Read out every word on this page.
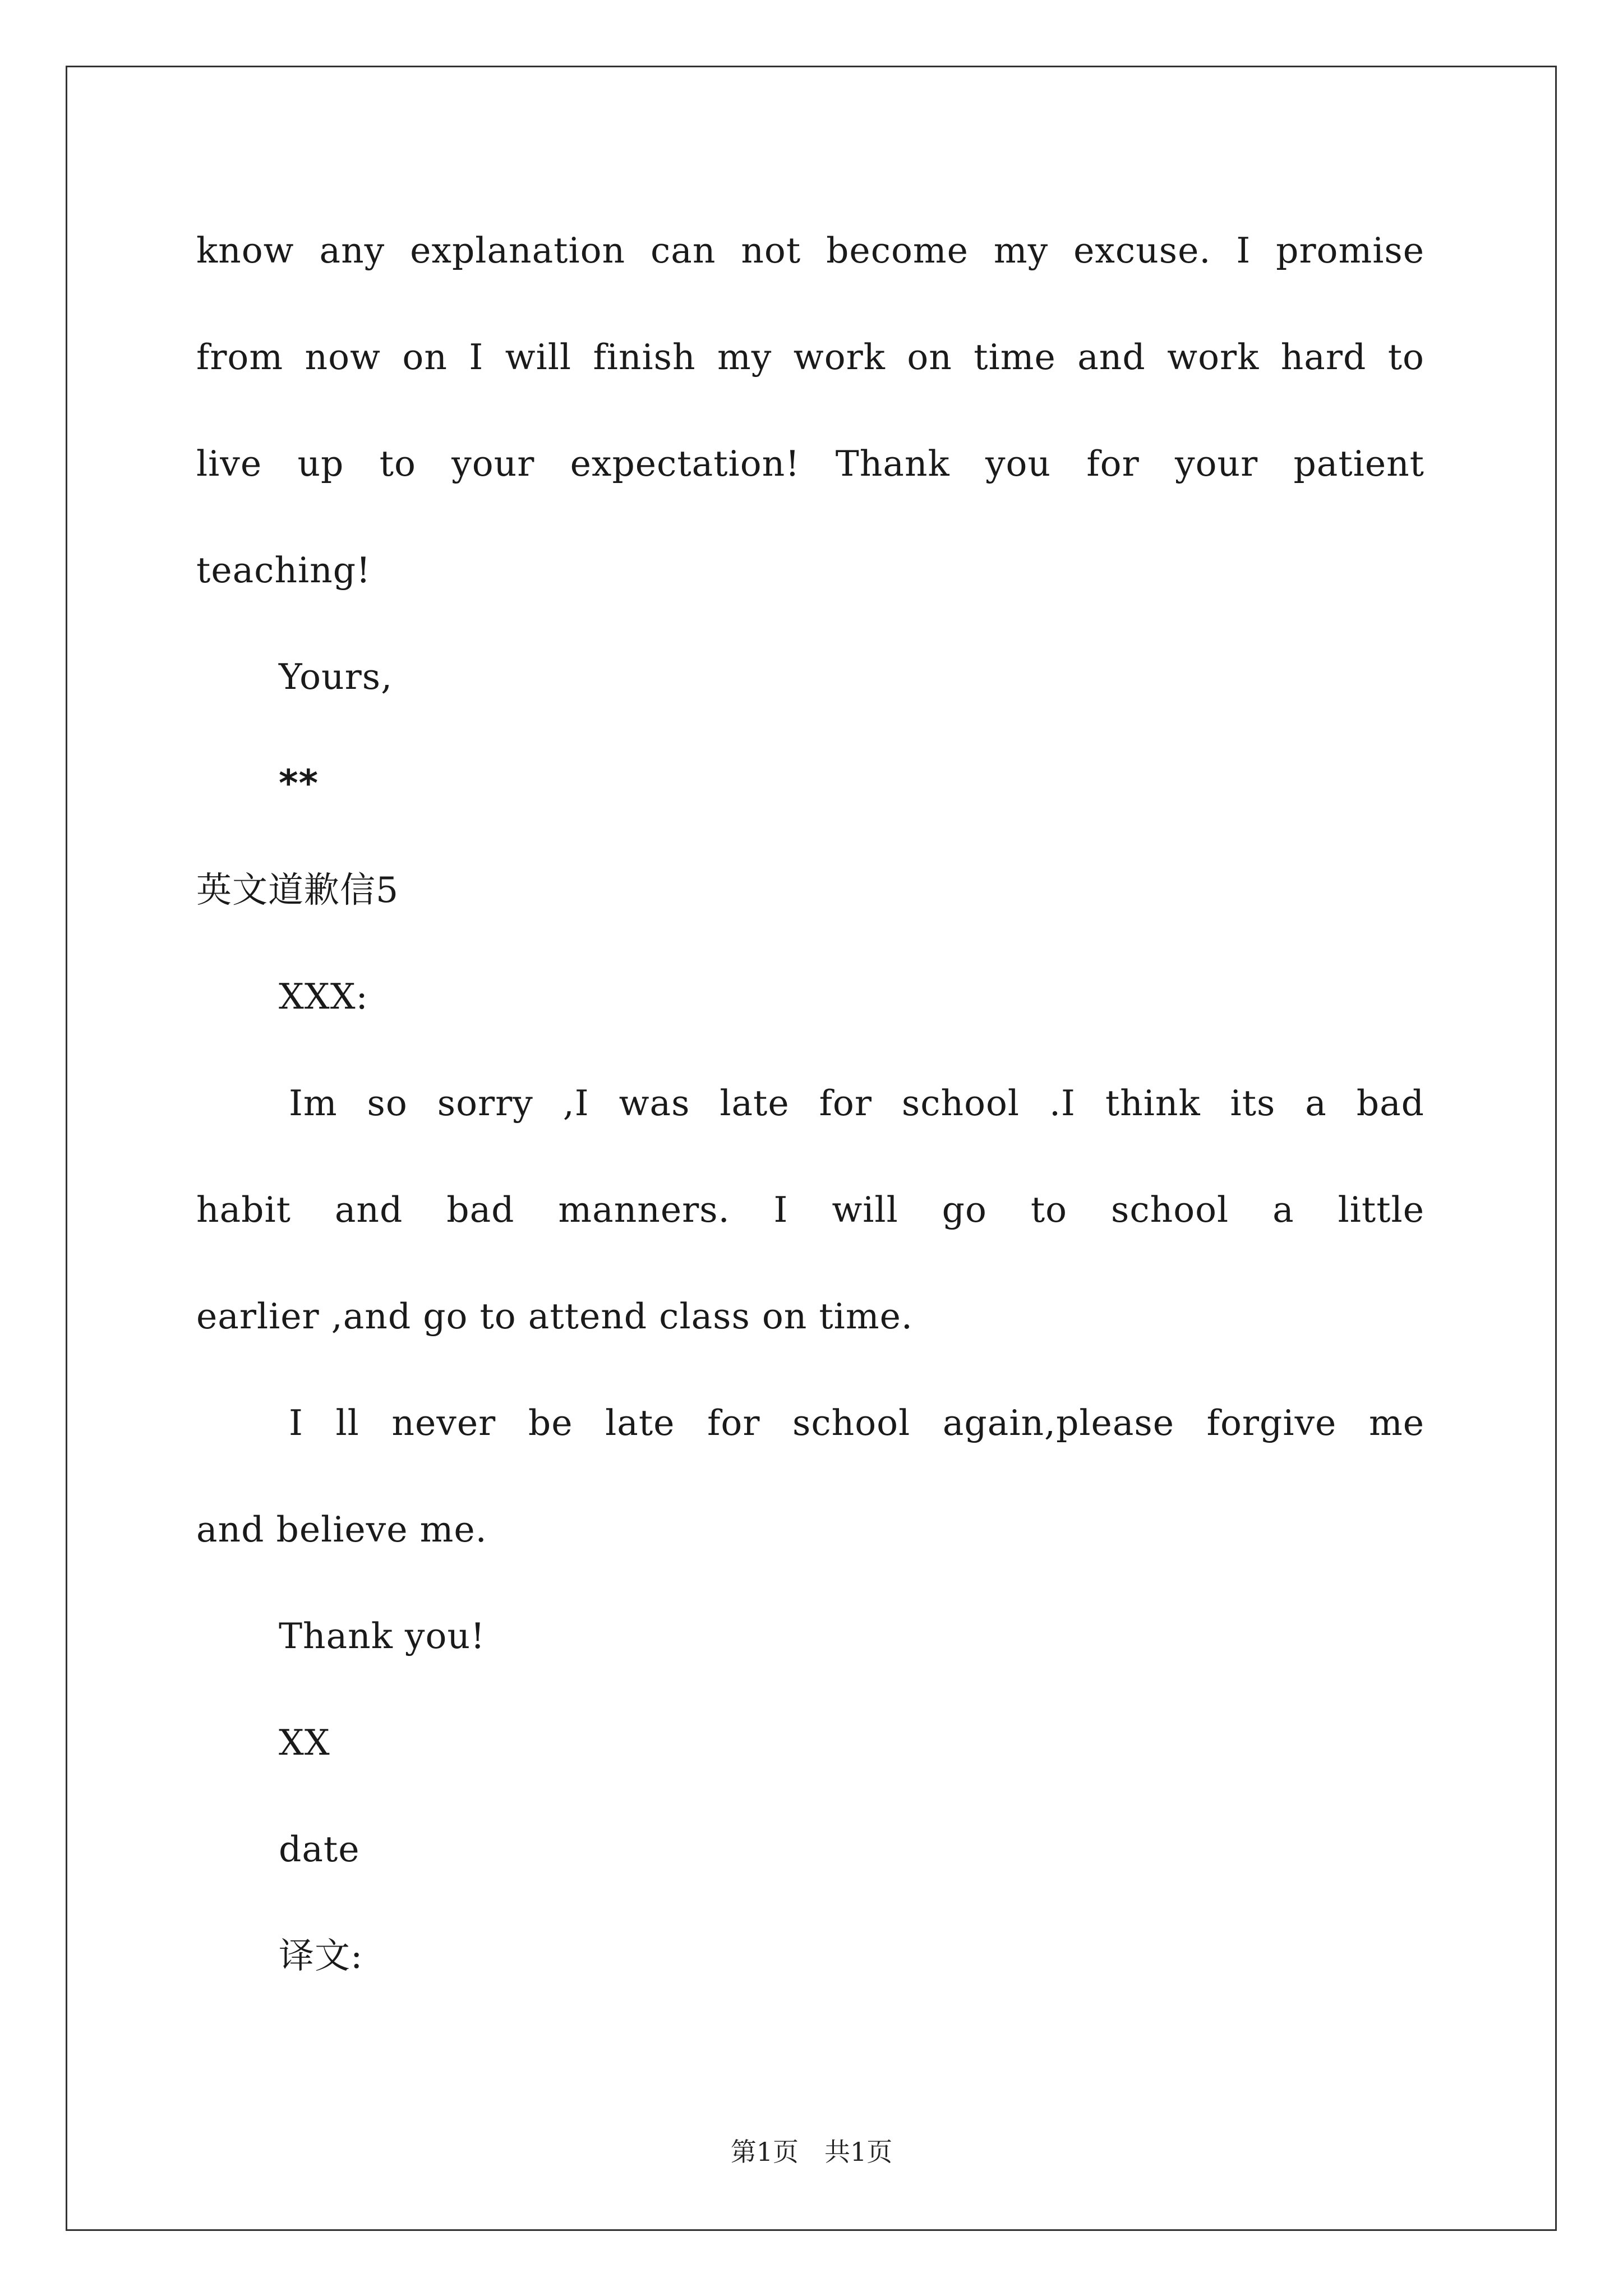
know any explanation can not become my excuse. I promise
from now on I will finish my work on time and work hard to
live up to your expectation! Thank you for your patient
teaching!
Yours,
**
英文道歉信5
XXX:
Im so sorry ,I was late for school .I think its a bad
habit and bad manners. I will go to school a little
earlier ,and go to attend class on time.
I ll never be late for school again,please forgive me
and believe me.
Thank you!
XX
date
译文:
第1页　共1页
